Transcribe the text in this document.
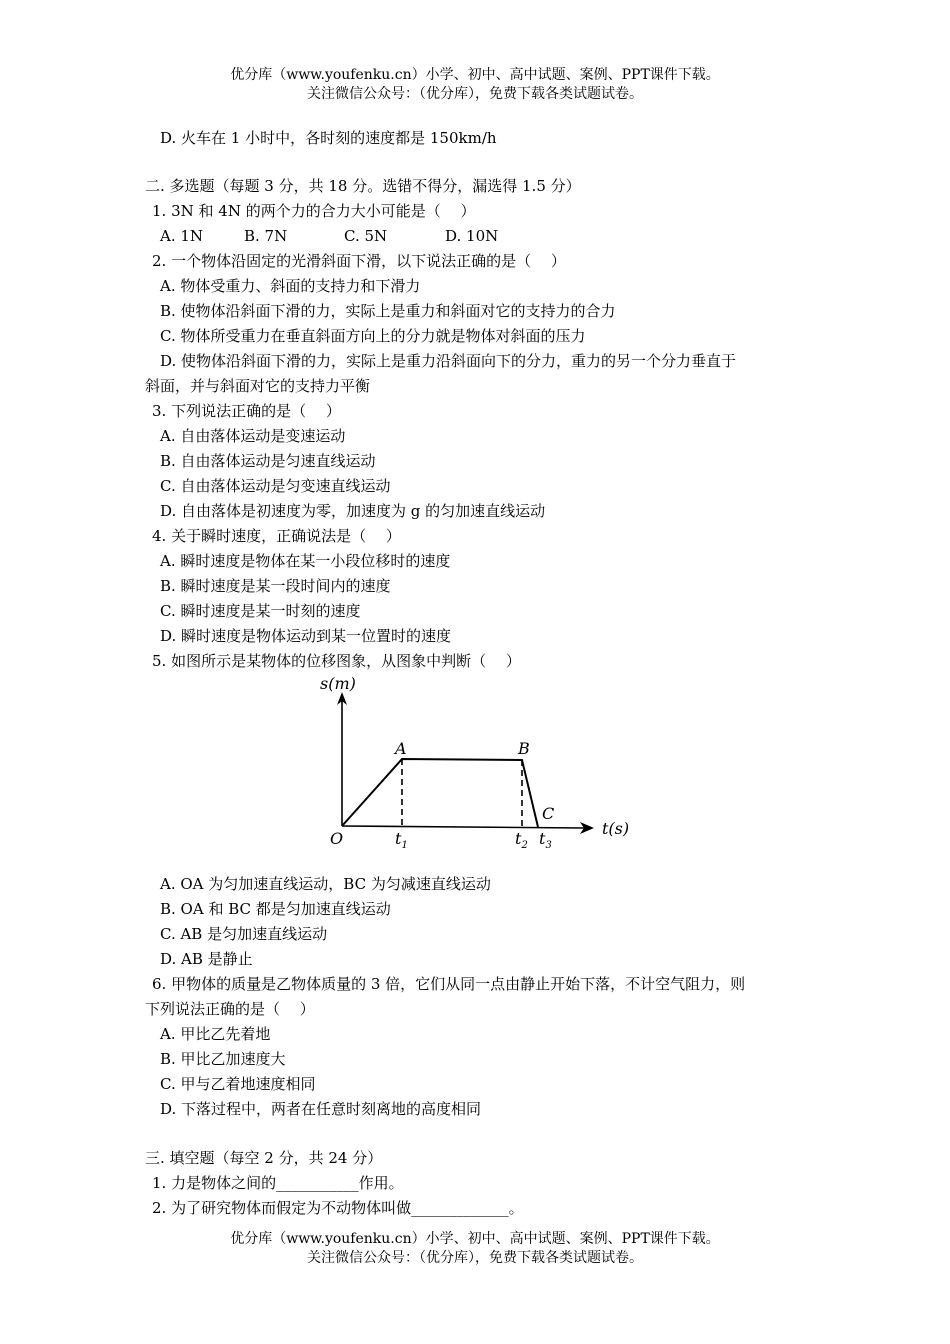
优分库（www.youfenku.cn）小学、初中、高中试题、案例、PPT课件下载。
关注微信公众号：（优分库），免费下载各类试题试卷。
D. 火车在 1 小时中，各时刻的速度都是 150km/h
二. 多选题（每题 3 分，共 18 分。选错不得分，漏选得 1.5 分）
1. 3N 和 4N 的两个力的合力大小可能是（　 ）
A. 1N	B. 7N	C. 5N	D. 10N
2. 一个物体沿固定的光滑斜面下滑，以下说法正确的是（　 ）
A. 物体受重力、斜面的支持力和下滑力
B. 使物体沿斜面下滑的力，实际上是重力和斜面对它的支持力的合力
C. 物体所受重力在垂直斜面方向上的分力就是物体对斜面的压力
D. 使物体沿斜面下滑的力，实际上是重力沿斜面向下的分力，重力的另一个分力垂直于
斜面，并与斜面对它的支持力平衡
3. 下列说法正确的是（　 ）
A. 自由落体运动是变速运动
B. 自由落体运动是匀速直线运动
C. 自由落体运动是匀变速直线运动
D. 自由落体是初速度为零，加速度为 g 的匀加速直线运动
4. 关于瞬时速度，正确说法是（　 ）
A. 瞬时速度是物体在某一小段位移时的速度
B. 瞬时速度是某一段时间内的速度
C. 瞬时速度是某一时刻的速度
D. 瞬时速度是物体运动到某一位置时的速度
5. 如图所示是某物体的位移图象，从图象中判断（　 ）
s(m)
t(s)
O
A	B
C
$t_1$	$t_2$ $t_3$
A. OA 为匀加速直线运动，BC 为匀减速直线运动
B. OA 和 BC 都是匀加速直线运动
C. AB 是匀加速直线运动
D. AB 是静止
6. 甲物体的质量是乙物体质量的 3 倍，它们从同一点由静止开始下落，不计空气阻力，则
下列说法正确的是（　 ）
A. 甲比乙先着地
B. 甲比乙加速度大
C. 甲与乙着地速度相同
D. 下落过程中，两者在任意时刻离地的高度相同
三. 填空题（每空 2 分，共 24 分）
1. 力是物体之间的___________作用。
2. 为了研究物体而假定为不动物体叫做_____________。
优分库（www.youfenku.cn）小学、初中、高中试题、案例、PPT课件下载。
关注微信公众号：（优分库），免费下载各类试题试卷。
